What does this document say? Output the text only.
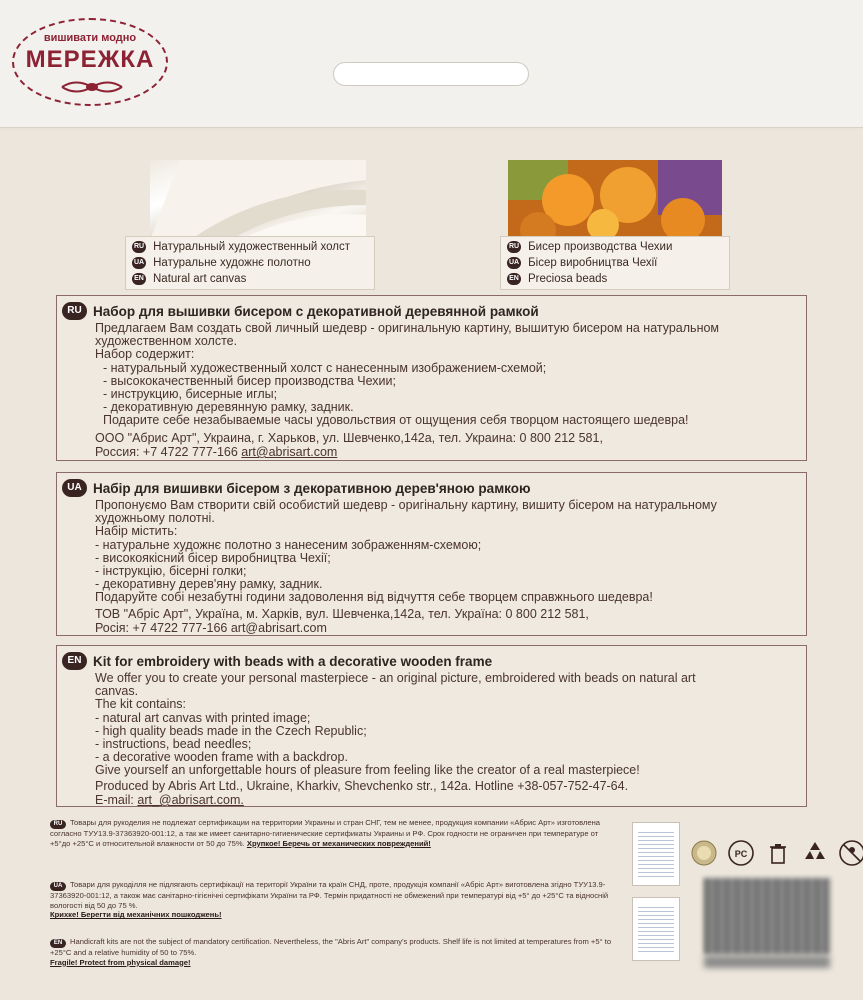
вишивати модно
МЕРЕЖКА
RU Натуральный художественный холст
UA Натуральне художнє полотно
EN Natural art canvas
RU Бисер производства Чехии
UA Бісер виробництва Чехії
EN Preciosa beads
RU Набор для вышивки бисером с декоративной деревянной рамкой

Предлагаем Вам создать свой личный шедевр - оригинальную картину, вышитую бисером на натуральном

художественном холсте.

Набор содержит:

- натуральный художественный холст с нанесенным изображением-схемой;

- высококачественный бисер производства Чехии;

- инструкцию, бисерные иглы;

- декоративную деревянную рамку, задник.

Подарите себе незабываемые часы удовольствия от ощущения себя творцом настоящего шедевра!

ООО "Абрис Арт", Украина, г. Харьков, ул. Шевченко,142а, тел. Украина: 0 800 212 581,

Россия: +7 4722 777-166 art@abrisart.com

UA Набір для вишивки бісером з декоративною дерев'яною рамкою

Пропонуємо Вам створити свій особистий шедевр - оригінальну картину, вишиту бісером на натуральному

художньому полотні.

Набір містить:

- натуральне художнє полотно з нанесеним зображенням-схемою;

- високоякісний бісер виробництва Чехії;

- інструкцію, бісерні голки;

- декоративну дерев'яну рамку, задник.

Подаруйте собі незабутні години задоволення від відчуття себе творцем справжнього шедевра!

ТОВ "Абріс Арт", Україна, м. Харків, вул. Шевченка,142а, тел. Україна: 0 800 212 581,

Росія: +7 4722 777-166 art@abrisart.com

EN Kit for embroidery with beads with a decorative wooden frame

We offer you to create your personal masterpiece - an original picture, embroidered with beads on natural art

canvas.

The kit contains:

- natural art canvas with printed image;

- high quality beads made in the Czech Republic;

- instructions, bead needles;

- a decorative wooden frame with a backdrop.

Give yourself an unforgettable hours of pleasure from feeling like the creator of a real masterpiece!

Produced by Abris Art Ltd., Ukraine, Kharkiv, Shevchenko str., 142a. Hotline +38-057-752-47-64.

E-mail: art_@abrisart.com.

RU Товары для рукоделия не подлежат сертификации на территории Украины и стран СНГ, тем не менее, продукция компании «Абрис Арт» изготовлена согласно ТУУ13.9-37363920-001:12, а так же имеет санитарно-гигиенические сертификаты Украины и РФ. Срок годности не ограничен при температуре от +5°до +25°С и относительной влажности от 50 до 75%. Хрупкое! Беречь от механических повреждений!
UA Товари для рукоділля не підлягають сертифікації на території України та країн СНД, проте, продукція компанії «Абріс Арт» виготовлена згідно ТУУ13.9-37363920-001:12, а також має санітарно-гігієнічні сертифікати України та РФ. Термін придатності не обмежений при температурі від +5° до +25°С та відносній вологості від 50 до 75 %.
Крихке! Берегти від механічних пошкоджень!
EN Handicraft kits are not the subject of mandatory certification. Nevertheless, the "Abris Art" company's products. Shelf life is not limited at temperatures from +5° to +25°C and a relative humidity of 50 to 75%.
Fragile! Protect from physical damage!
PC
